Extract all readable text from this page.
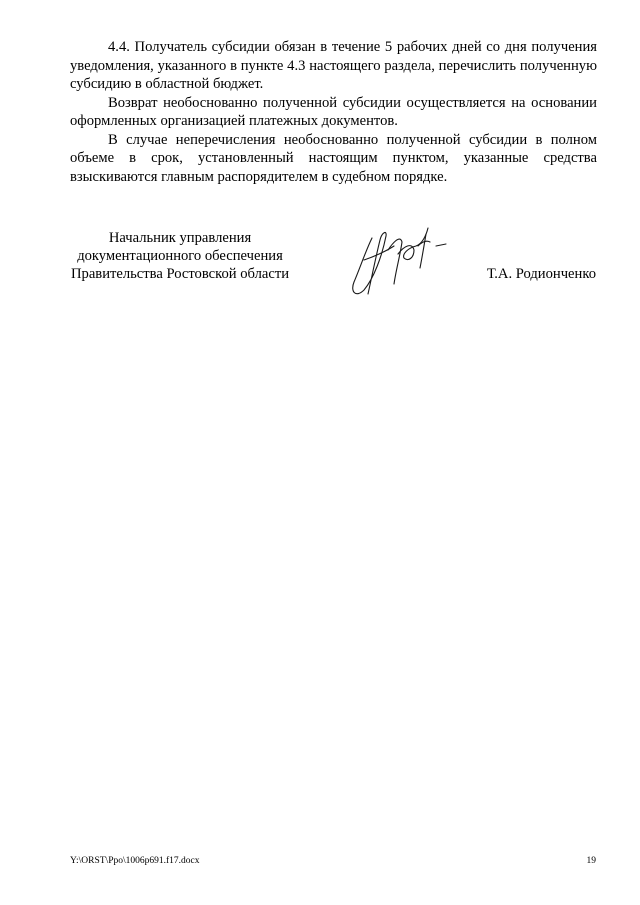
4.4. Получатель субсидии обязан в течение 5 рабочих дней со дня получения уведомления, указанного в пункте 4.3 настоящего раздела, перечислить полученную субсидию в областной бюджет.

Возврат необоснованно полученной субсидии осуществляется на основании оформленных организацией платежных документов.

В случае неперечисления необоснованно полученной субсидии в полном объеме в срок, установленный настоящим пунктом, указанные средства взыскиваются главным распорядителем в судебном порядке.

Начальник управления
документационного обеспечения
Правительства Ростовской области	Т.А. Родионченко
Y:\ORST\Ppo\1006p691.f17.docx	19
